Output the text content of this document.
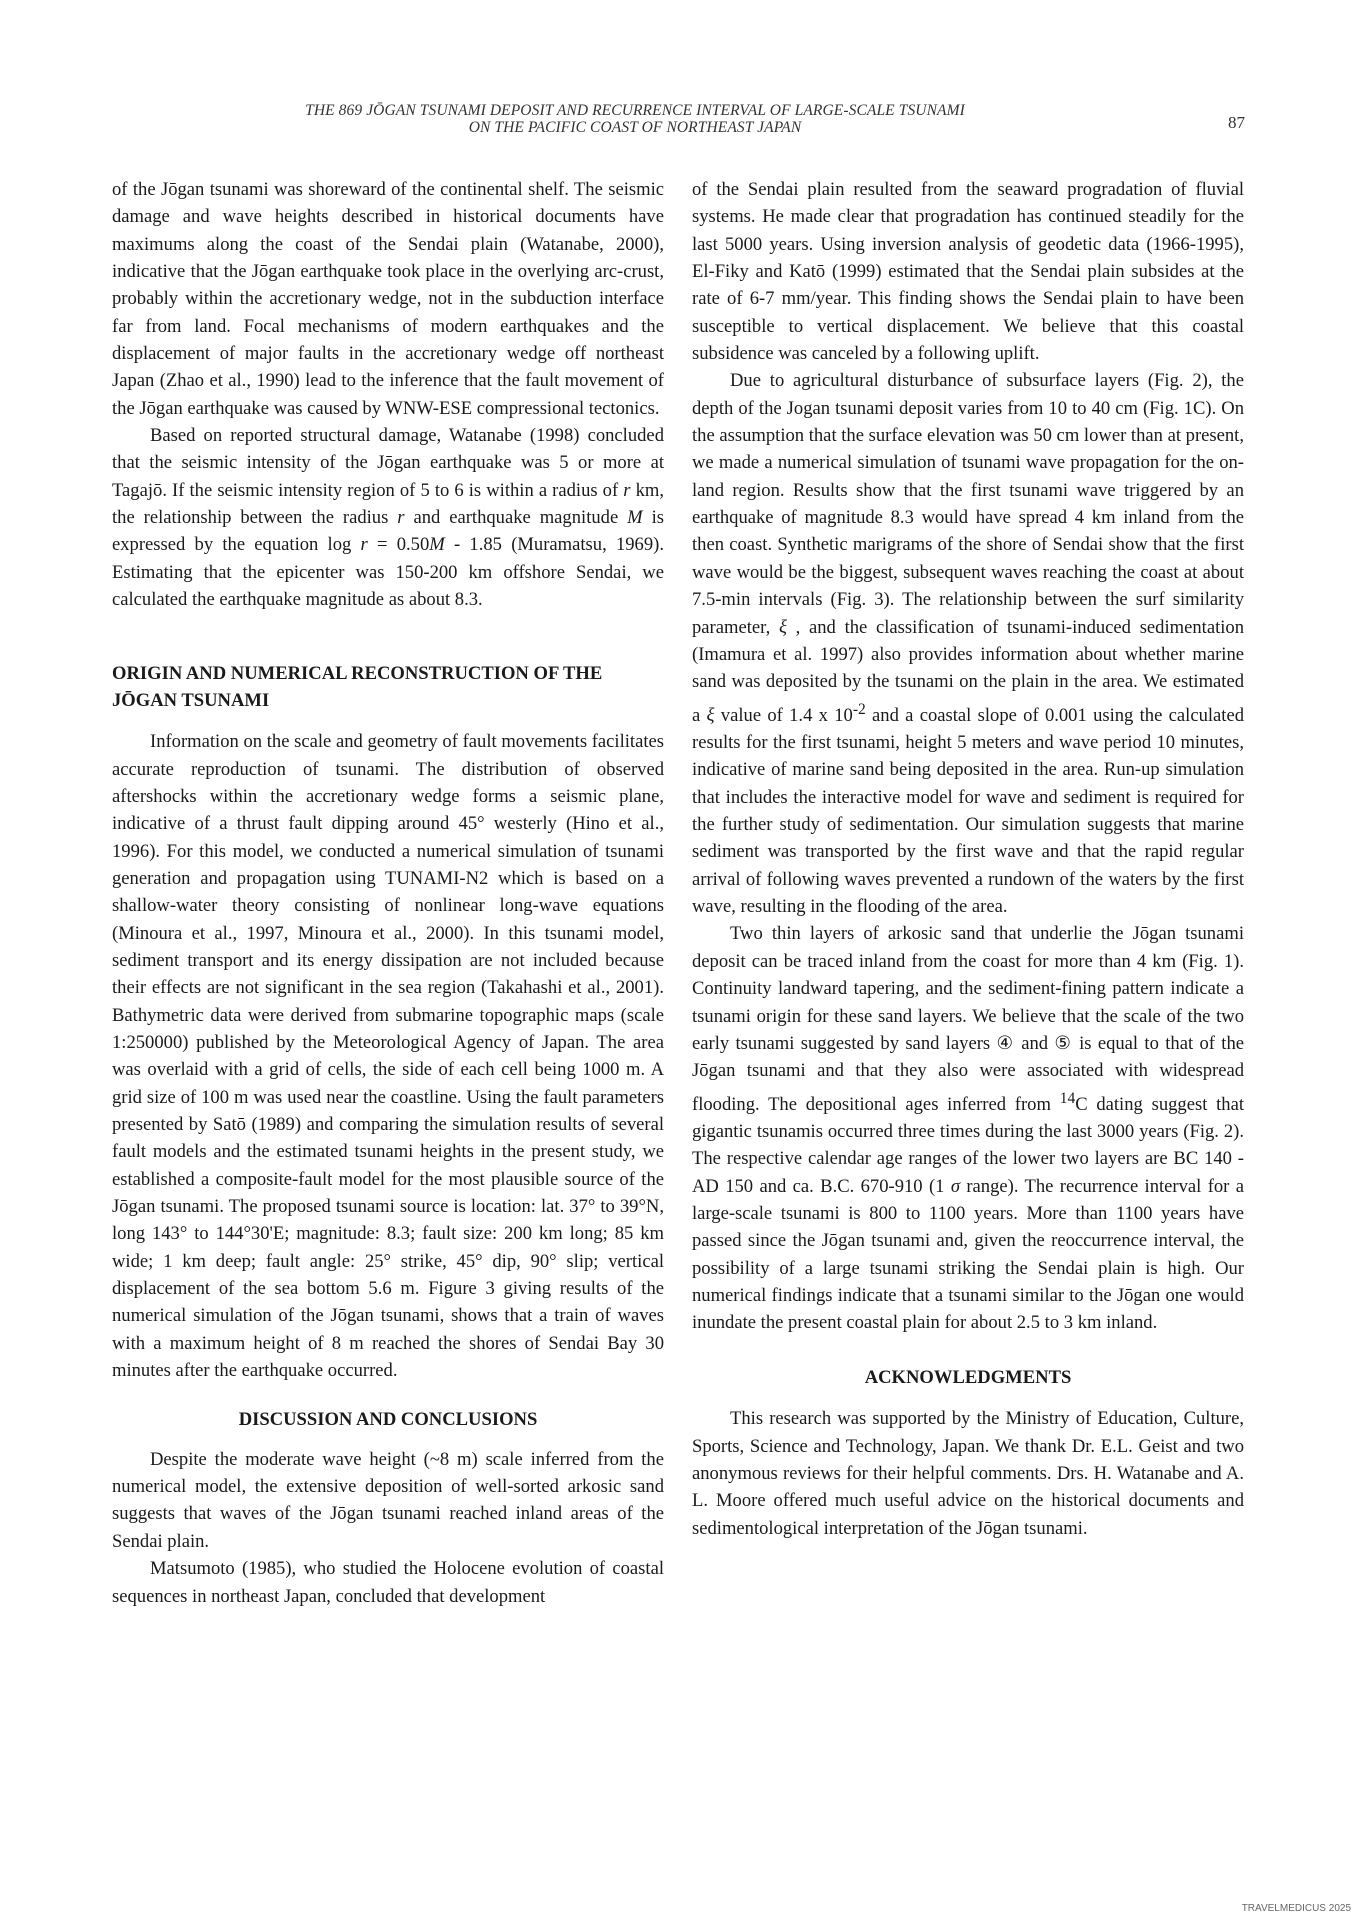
THE 869 JŌGAN TSUNAMI DEPOSIT AND RECURRENCE INTERVAL OF LARGE-SCALE TSUNAMI
ON THE PACIFIC COAST OF NORTHEAST JAPAN	87

of the Jōgan tsunami was shoreward of the continental shelf. The seismic damage and wave heights described in historical documents have maximums along the coast of the Sendai plain (Watanabe, 2000), indicative that the Jōgan earthquake took place in the overlying arc-crust, probably within the accretionary wedge, not in the subduction interface far from land. Focal mechanisms of modern earthquakes and the displacement of major faults in the accretionary wedge off northeast Japan (Zhao et al., 1990) lead to the inference that the fault movement of the Jōgan earthquake was caused by WNW-ESE compressional tectonics.

Based on reported structural damage, Watanabe (1998) concluded that the seismic intensity of the Jōgan earthquake was 5 or more at Tagajō. If the seismic intensity region of 5 to 6 is within a radius of r km, the relationship between the radius r and earthquake magnitude M is expressed by the equation log r = 0.50M - 1.85 (Muramatsu, 1969). Estimating that the epicenter was 150-200 km offshore Sendai, we calculated the earthquake magnitude as about 8.3.

ORIGIN AND NUMERICAL RECONSTRUCTION OF THE
JŌGAN TSUNAMI

Information on the scale and geometry of fault movements facilitates accurate reproduction of tsunami. The distribution of observed aftershocks within the accretionary wedge forms a seismic plane, indicative of a thrust fault dipping around 45° westerly (Hino et al., 1996). For this model, we conducted a numerical simulation of tsunami generation and propagation using TUNAMI-N2 which is based on a shallow-water theory consisting of nonlinear long-wave equations (Minoura et al., 1997, Minoura et al., 2000). In this tsunami model, sediment transport and its energy dissipation are not included because their effects are not significant in the sea region (Takahashi et al., 2001). Bathymetric data were derived from submarine topographic maps (scale 1:250000) published by the Meteorological Agency of Japan. The area was overlaid with a grid of cells, the side of each cell being 1000 m. A grid size of 100 m was used near the coastline. Using the fault parameters presented by Satō (1989) and comparing the simulation results of several fault models and the estimated tsunami heights in the present study, we established a composite-fault model for the most plausible source of the Jōgan tsunami. The proposed tsunami source is location: lat. 37° to 39°N, long 143° to 144°30'E; magnitude: 8.3; fault size: 200 km long; 85 km wide; 1 km deep; fault angle: 25° strike, 45° dip, 90° slip; vertical displacement of the sea bottom 5.6 m. Figure 3 giving results of the numerical simulation of the Jōgan tsunami, shows that a train of waves with a maximum height of 8 m reached the shores of Sendai Bay 30 minutes after the earthquake occurred.

DISCUSSION AND CONCLUSIONS

Despite the moderate wave height (~8 m) scale inferred from the numerical model, the extensive deposition of well-sorted arkosic sand suggests that waves of the Jōgan tsunami reached inland areas of the Sendai plain.

Matsumoto (1985), who studied the Holocene evolution of coastal sequences in northeast Japan, concluded that development

of the Sendai plain resulted from the seaward progradation of fluvial systems. He made clear that progradation has continued steadily for the last 5000 years. Using inversion analysis of geodetic data (1966-1995), El-Fiky and Katō (1999) estimated that the Sendai plain subsides at the rate of 6-7 mm/year. This finding shows the Sendai plain to have been susceptible to vertical displacement. We believe that this coastal subsidence was canceled by a following uplift.

Due to agricultural disturbance of subsurface layers (Fig. 2), the depth of the Jogan tsunami deposit varies from 10 to 40 cm (Fig. 1C). On the assumption that the surface elevation was 50 cm lower than at present, we made a numerical simulation of tsunami wave propagation for the on-land region. Results show that the first tsunami wave triggered by an earthquake of magnitude 8.3 would have spread 4 km inland from the then coast. Synthetic marigrams of the shore of Sendai show that the first wave would be the biggest, subsequent waves reaching the coast at about 7.5-min intervals (Fig. 3). The relationship between the surf similarity parameter, ξ , and the classification of tsunami-induced sedimentation (Imamura et al. 1997) also provides information about whether marine sand was deposited by the tsunami on the plain in the area. We estimated a ξ value of 1.4 x $10^{-2}$ and a coastal slope of 0.001 using the calculated results for the first tsunami, height 5 meters and wave period 10 minutes, indicative of marine sand being deposited in the area. Run-up simulation that includes the interactive model for wave and sediment is required for the further study of sedimentation. Our simulation suggests that marine sediment was transported by the first wave and that the rapid regular arrival of following waves prevented a rundown of the waters by the first wave, resulting in the flooding of the area.

Two thin layers of arkosic sand that underlie the Jōgan tsunami deposit can be traced inland from the coast for more than 4 km (Fig. 1). Continuity landward tapering, and the sediment-fining pattern indicate a tsunami origin for these sand layers. We believe that the scale of the two early tsunami suggested by sand layers ④ and ⑤ is equal to that of the Jōgan tsunami and that they also were associated with widespread flooding. The depositional ages inferred from $^{14}$C dating suggest that gigantic tsunamis occurred three times during the last 3000 years (Fig. 2). The respective calendar age ranges of the lower two layers are BC 140 - AD 150 and ca. B.C. 670-910 (1 σ range). The recurrence interval for a large-scale tsunami is 800 to 1100 years. More than 1100 years have passed since the Jōgan tsunami and, given the reoccurrence interval, the possibility of a large tsunami striking the Sendai plain is high. Our numerical findings indicate that a tsunami similar to the Jōgan one would inundate the present coastal plain for about 2.5 to 3 km inland.

ACKNOWLEDGMENTS

This research was supported by the Ministry of Education, Culture, Sports, Science and Technology, Japan. We thank Dr. E.L. Geist and two anonymous reviews for their helpful comments. Drs. H. Watanabe and A. L. Moore offered much useful advice on the historical documents and sedimentological interpretation of the Jōgan tsunami.

TRAVELMEDICUS 2025
